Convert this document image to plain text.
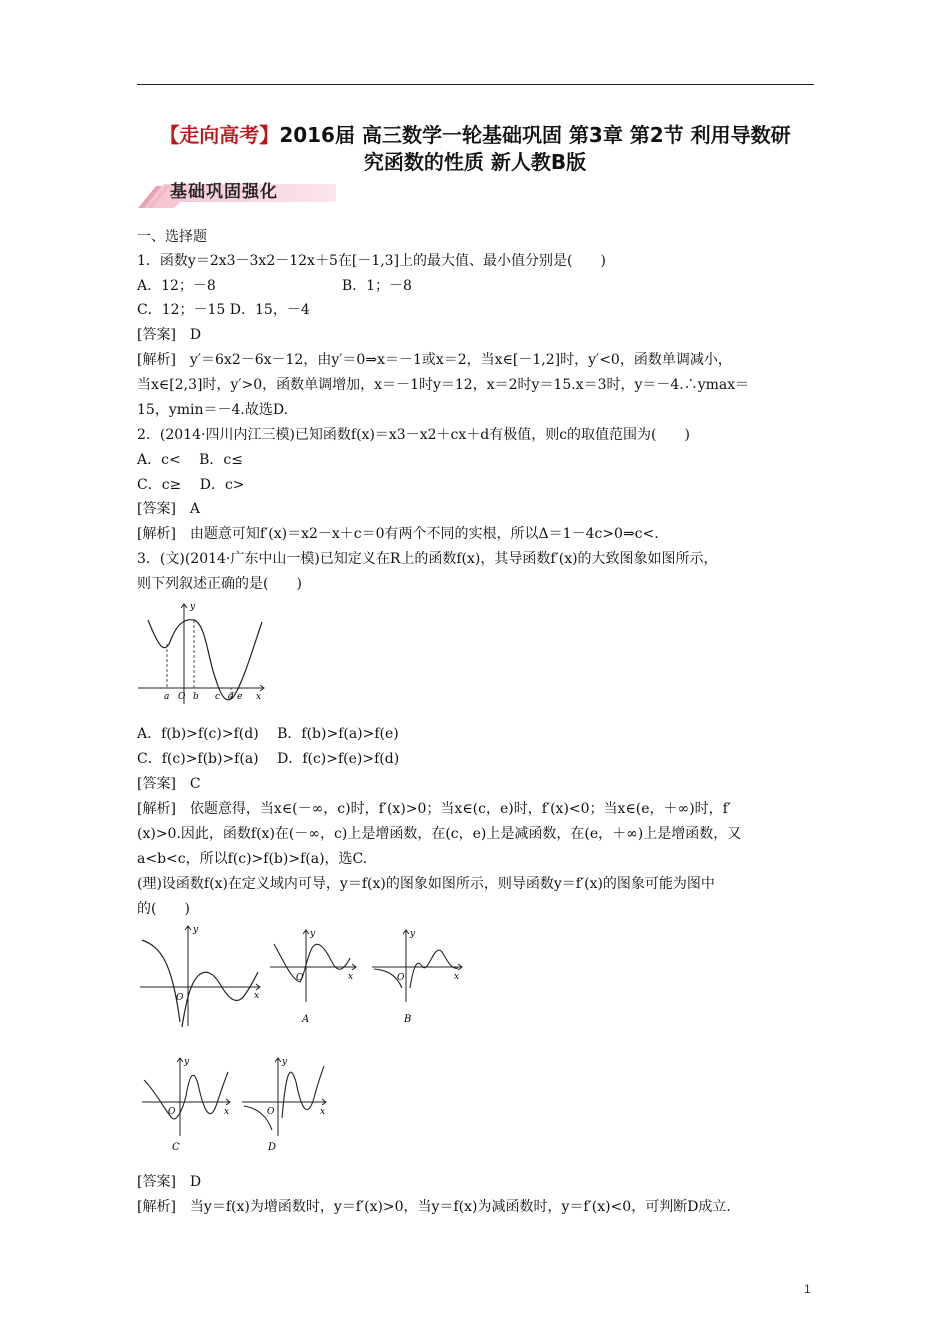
【走向高考】2016届 高三数学一轮基础巩固 第3章 第2节 利用导数研
究函数的性质 新人教B版
基础巩固强化
一、选择题
1．函数y＝2x3－3x2－12x＋5在[－1,3]上的最大值、最小值分别是(　　)
A．12；－8　　　　　　　　　B．1；－8
C．12；－15 D．15，－4
[答案]　D
[解析]　y′＝6x2－6x－12，由y′＝0⇒x＝－1或x＝2，当x∈[－1,2]时，y′<0，函数单调减小，
当x∈[2,3]时，y′>0，函数单调增加，x＝－1时y＝12，x＝2时y＝15.x＝3时，y＝－4.∴ymax＝
15，ymin＝－4.故选D.
2．(2014·四川内江三模)已知函数f(x)＝x3－x2＋cx＋d有极值，则c的取值范围为(　　)
A．c<　 B．c≤
C．c≥　 D．c>
[答案]　A
[解析]　由题意可知f′(x)＝x2－x＋c＝0有两个不同的实根，所以Δ＝1－4c>0⇒c<.
3．(文)(2014·广东中山一模)已知定义在R上的函数f(x)，其导函数f′(x)的大致图象如图所示，
则下列叙述正确的是(　　)
y
a O b c d e x
A．f(b)>f(c)>f(d)　 B．f(b)>f(a)>f(e)
C．f(c)>f(b)>f(a)　 D．f(c)>f(e)>f(d)
[答案]　C
[解析]　依题意得，当x∈(－∞，c)时，f′(x)>0；当x∈(c，e)时，f′(x)<0；当x∈(e，＋∞)时，f′
(x)>0.因此，函数f(x)在(－∞，c)上是增函数，在(c，e)上是减函数，在(e，＋∞)上是增函数，又
a<b<c，所以f(c)>f(b)>f(a)，选C.
(理)设函数f(x)在定义域内可导，y＝f(x)的图象如图所示，则导函数y＝f′(x)的图象可能为图中
的(　　)
y
O	x
y
O	x
A
y
O	x
B
y
O	x
C
y
O	x
D
[答案]　D
[解析]　当y＝f(x)为增函数时，y＝f′(x)>0，当y＝f(x)为减函数时，y＝f′(x)<0，可判断D成立.
1
